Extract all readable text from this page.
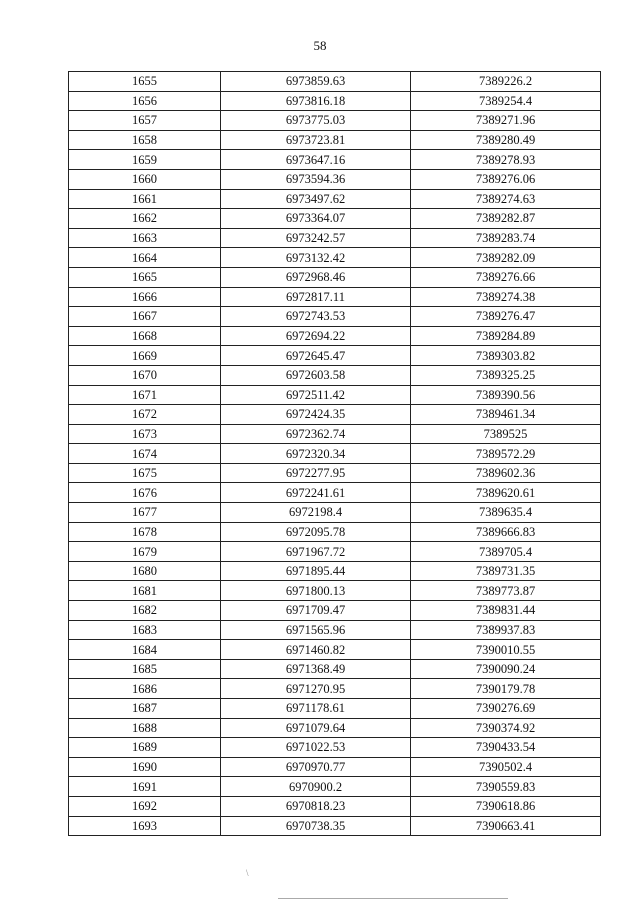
58
1655	6973859.63	7389226.2
1656	6973816.18	7389254.4
1657	6973775.03	7389271.96
1658	6973723.81	7389280.49
1659	6973647.16	7389278.93
1660	6973594.36	7389276.06
1661	6973497.62	7389274.63
1662	6973364.07	7389282.87
1663	6973242.57	7389283.74
1664	6973132.42	7389282.09
1665	6972968.46	7389276.66
1666	6972817.11	7389274.38
1667	6972743.53	7389276.47
1668	6972694.22	7389284.89
1669	6972645.47	7389303.82
1670	6972603.58	7389325.25
1671	6972511.42	7389390.56
1672	6972424.35	7389461.34
1673	6972362.74	7389525
1674	6972320.34	7389572.29
1675	6972277.95	7389602.36
1676	6972241.61	7389620.61
1677	6972198.4	7389635.4
1678	6972095.78	7389666.83
1679	6971967.72	7389705.4
1680	6971895.44	7389731.35
1681	6971800.13	7389773.87
1682	6971709.47	7389831.44
1683	6971565.96	7389937.83
1684	6971460.82	7390010.55
1685	6971368.49	7390090.24
1686	6971270.95	7390179.78
1687	6971178.61	7390276.69
1688	6971079.64	7390374.92
1689	6971022.53	7390433.54
1690	6970970.77	7390502.4
1691	6970900.2	7390559.83
1692	6970818.23	7390618.86
1693	6970738.35	7390663.41
\
